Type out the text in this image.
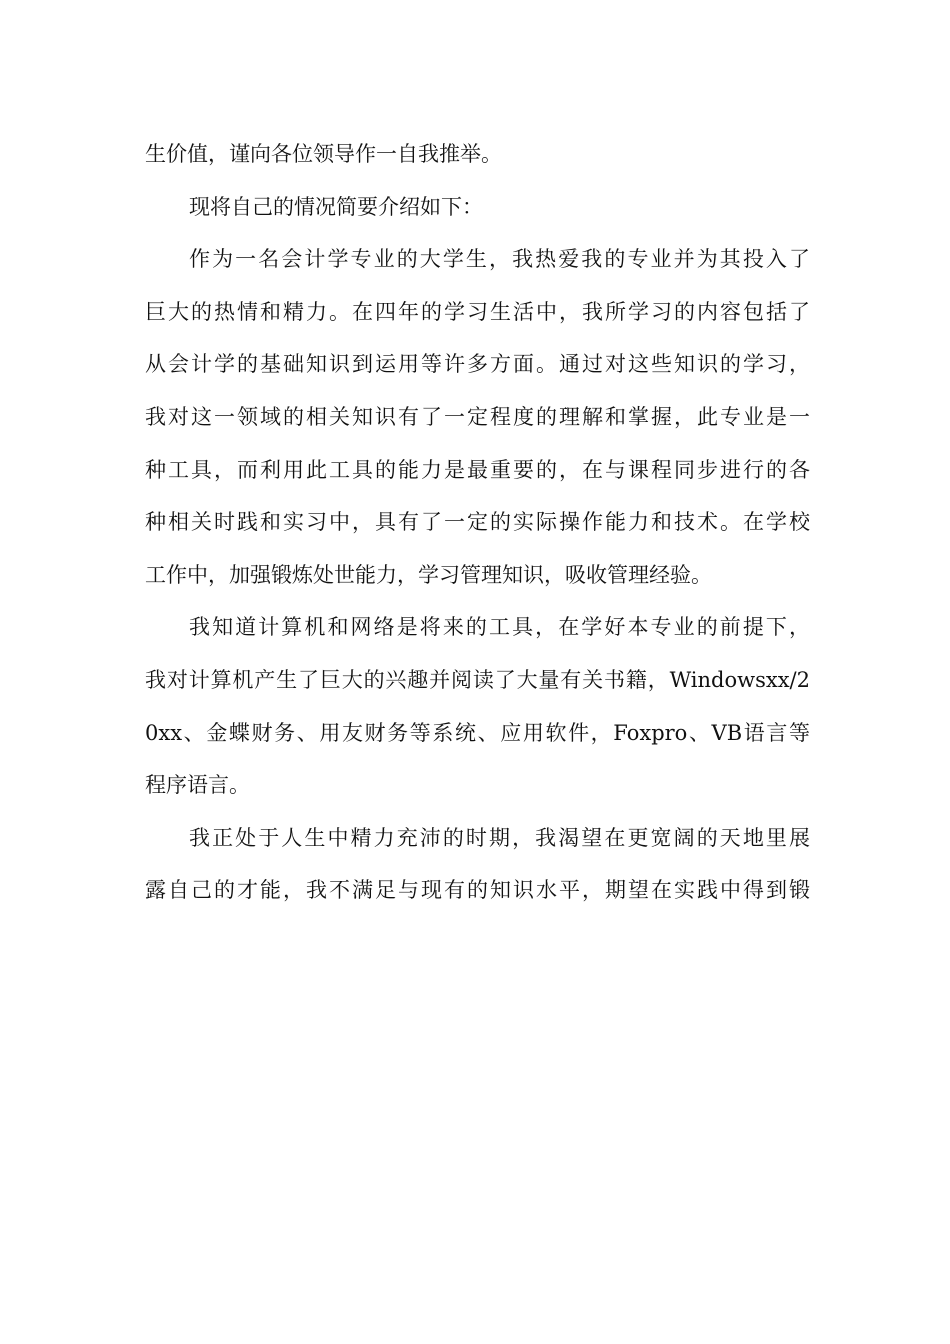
生价值，谨向各位领导作一自我推举。
现将自己的情况简要介绍如下：
作为一名会计学专业的大学生，我热爱我的专业并为其投入了
巨大的热情和精力。在四年的学习生活中，我所学习的内容包括了
从会计学的基础知识到运用等许多方面。通过对这些知识的学习，
我对这一领域的相关知识有了一定程度的理解和掌握，此专业是一
种工具，而利用此工具的能力是最重要的，在与课程同步进行的各
种相关时践和实习中，具有了一定的实际操作能力和技术。在学校
工作中，加强锻炼处世能力，学习管理知识，吸收管理经验。
我知道计算机和网络是将来的工具，在学好本专业的前提下，
我对计算机产生了巨大的兴趣并阅读了大量有关书籍，Windowsxx/2
0xx、金蝶财务、用友财务等系统、应用软件，Foxpro、VB语言等
程序语言。
我正处于人生中精力充沛的时期，我渴望在更宽阔的天地里展
露自己的才能，我不满足与现有的知识水平，期望在实践中得到锻
